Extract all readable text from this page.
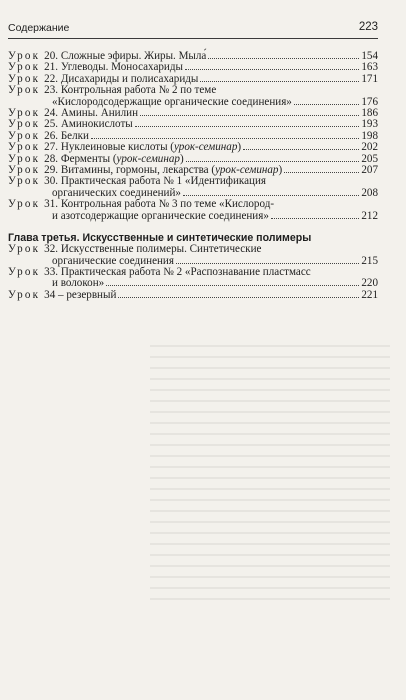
Содержание	223
Урок 20. Сложные эфиры. Жиры. Мыла́	154
Урок 21. Углеводы. Моносахариды	163
Урок 22. Дисахариды и полисахариды	171
Урок 23. Контрольная работа № 2 по теме
«Кислородсодержащие органические соединения»	176
Урок 24. Амины. Анилин	186
Урок 25. Аминокислоты	193
Урок 26. Белки	198
Урок 27. Нуклеиновые кислоты (урок-семинар)	202
Урок 28. Ферменты (урок-семинар)	205
Урок 29. Витамины, гормоны, лекарства (урок-семинар)	207
Урок 30. Практическая работа № 1 «Идентификация
органических соединений»	208
Урок 31. Контрольная работа № 3 по теме «Кислород-
и азотсодержащие органические соединения»	212
Глава третья. Искусственные и синтетические полимеры
Урок 32. Искусственные полимеры. Синтетические
органические соединения	215
Урок 33. Практическая работа № 2 «Распознавание пластмасс
и волокон»	220
Урок 34 – резервный	221
